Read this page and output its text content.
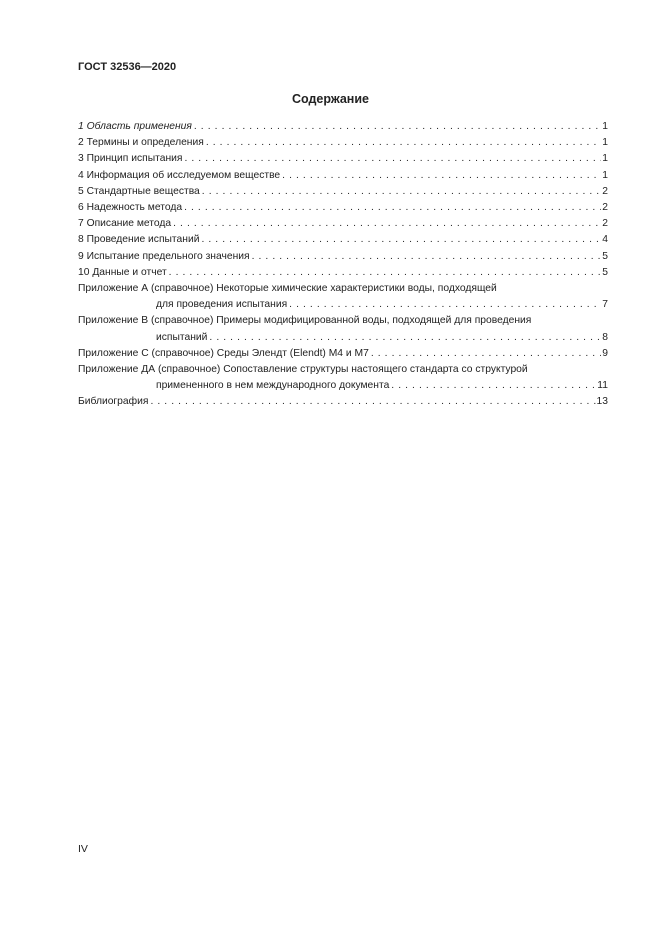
ГОСТ 32536—2020
Содержание
1 Область применения . . .	1
2 Термины и определения . . .	1
3 Принцип испытания . . .	1
4 Информация об исследуемом веществе . . .	1
5 Стандартные вещества . . .	2
6 Надежность метода . . .	2
7 Описание метода . . .	2
8 Проведение испытаний . . .	4
9 Испытание предельного значения . . .	5
10 Данные и отчет . . .	5
Приложение А (справочное) Некоторые химические характеристики воды, подходящей
для проведения испытания . . .	7
Приложение В (справочное) Примеры модифицированной воды, подходящей для проведения
испытаний . . .	8
Приложение С (справочное) Среды Элендт (Elendt) М4 и М7 . . .	9
Приложение ДА (справочное) Сопоставление структуры настоящего стандарта со структурой
примененного в нем международного документа . . .	11
Библиография . . .	13
IV
